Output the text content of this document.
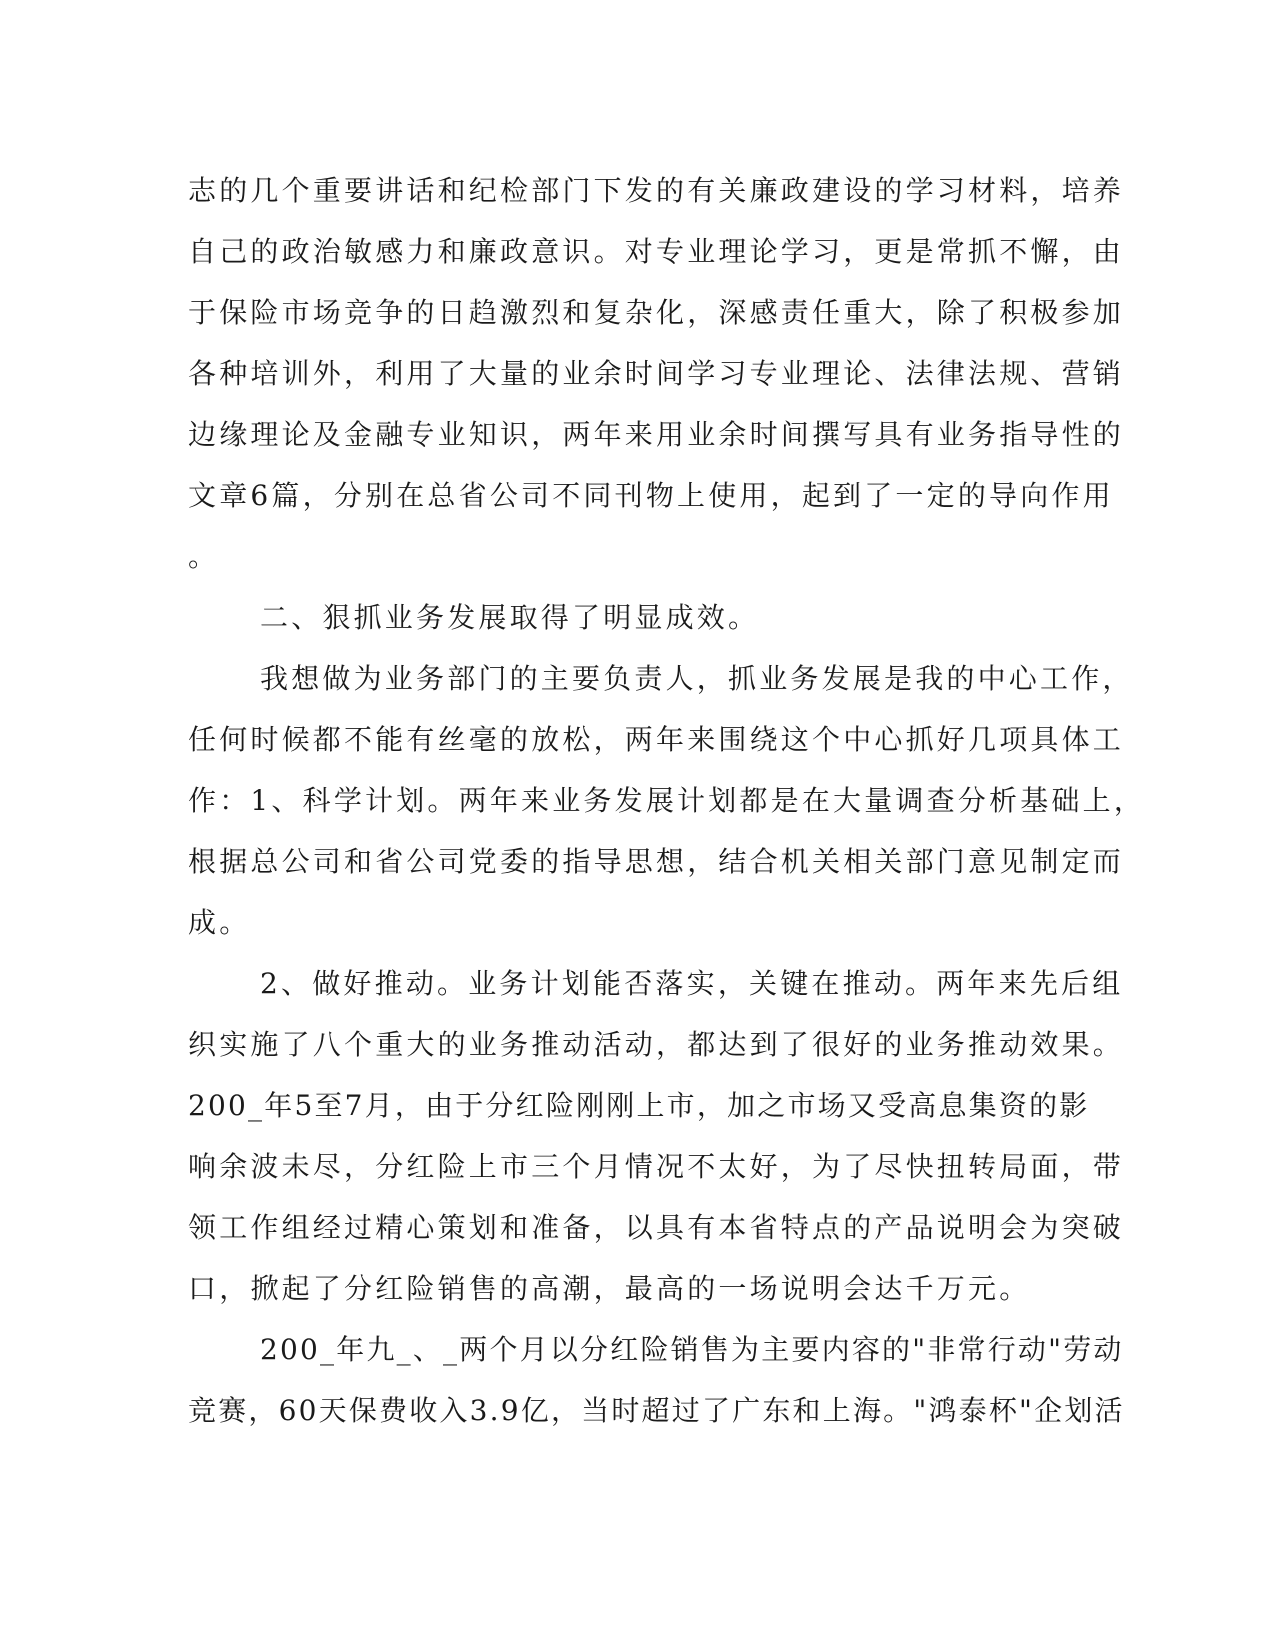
志的几个重要讲话和纪检部门下发的有关廉政建设的学习材料，培养
自己的政治敏感力和廉政意识。对专业理论学习，更是常抓不懈，由
于保险市场竞争的日趋激烈和复杂化，深感责任重大，除了积极参加
各种培训外，利用了大量的业余时间学习专业理论、法律法规、营销
边缘理论及金融专业知识，两年来用业余时间撰写具有业务指导性的
文章6篇，分别在总省公司不同刊物上使用，起到了一定的导向作用
。
二、狠抓业务发展取得了明显成效。
我想做为业务部门的主要负责人，抓业务发展是我的中心工作，
任何时候都不能有丝毫的放松，两年来围绕这个中心抓好几项具体工
作：1、科学计划。两年来业务发展计划都是在大量调查分析基础上，
根据总公司和省公司党委的指导思想，结合机关相关部门意见制定而
成。
2、做好推动。业务计划能否落实，关键在推动。两年来先后组
织实施了八个重大的业务推动活动，都达到了很好的业务推动效果。
200_年5至7月，由于分红险刚刚上市，加之市场又受高息集资的影
响余波未尽，分红险上市三个月情况不太好，为了尽快扭转局面，带
领工作组经过精心策划和准备，以具有本省特点的产品说明会为突破
口，掀起了分红险销售的高潮，最高的一场说明会达千万元。
200_年九_、_两个月以分红险销售为主要内容的"非常行动"劳动
竞赛，60天保费收入3.9亿，当时超过了广东和上海。"鸿泰杯"企划活
